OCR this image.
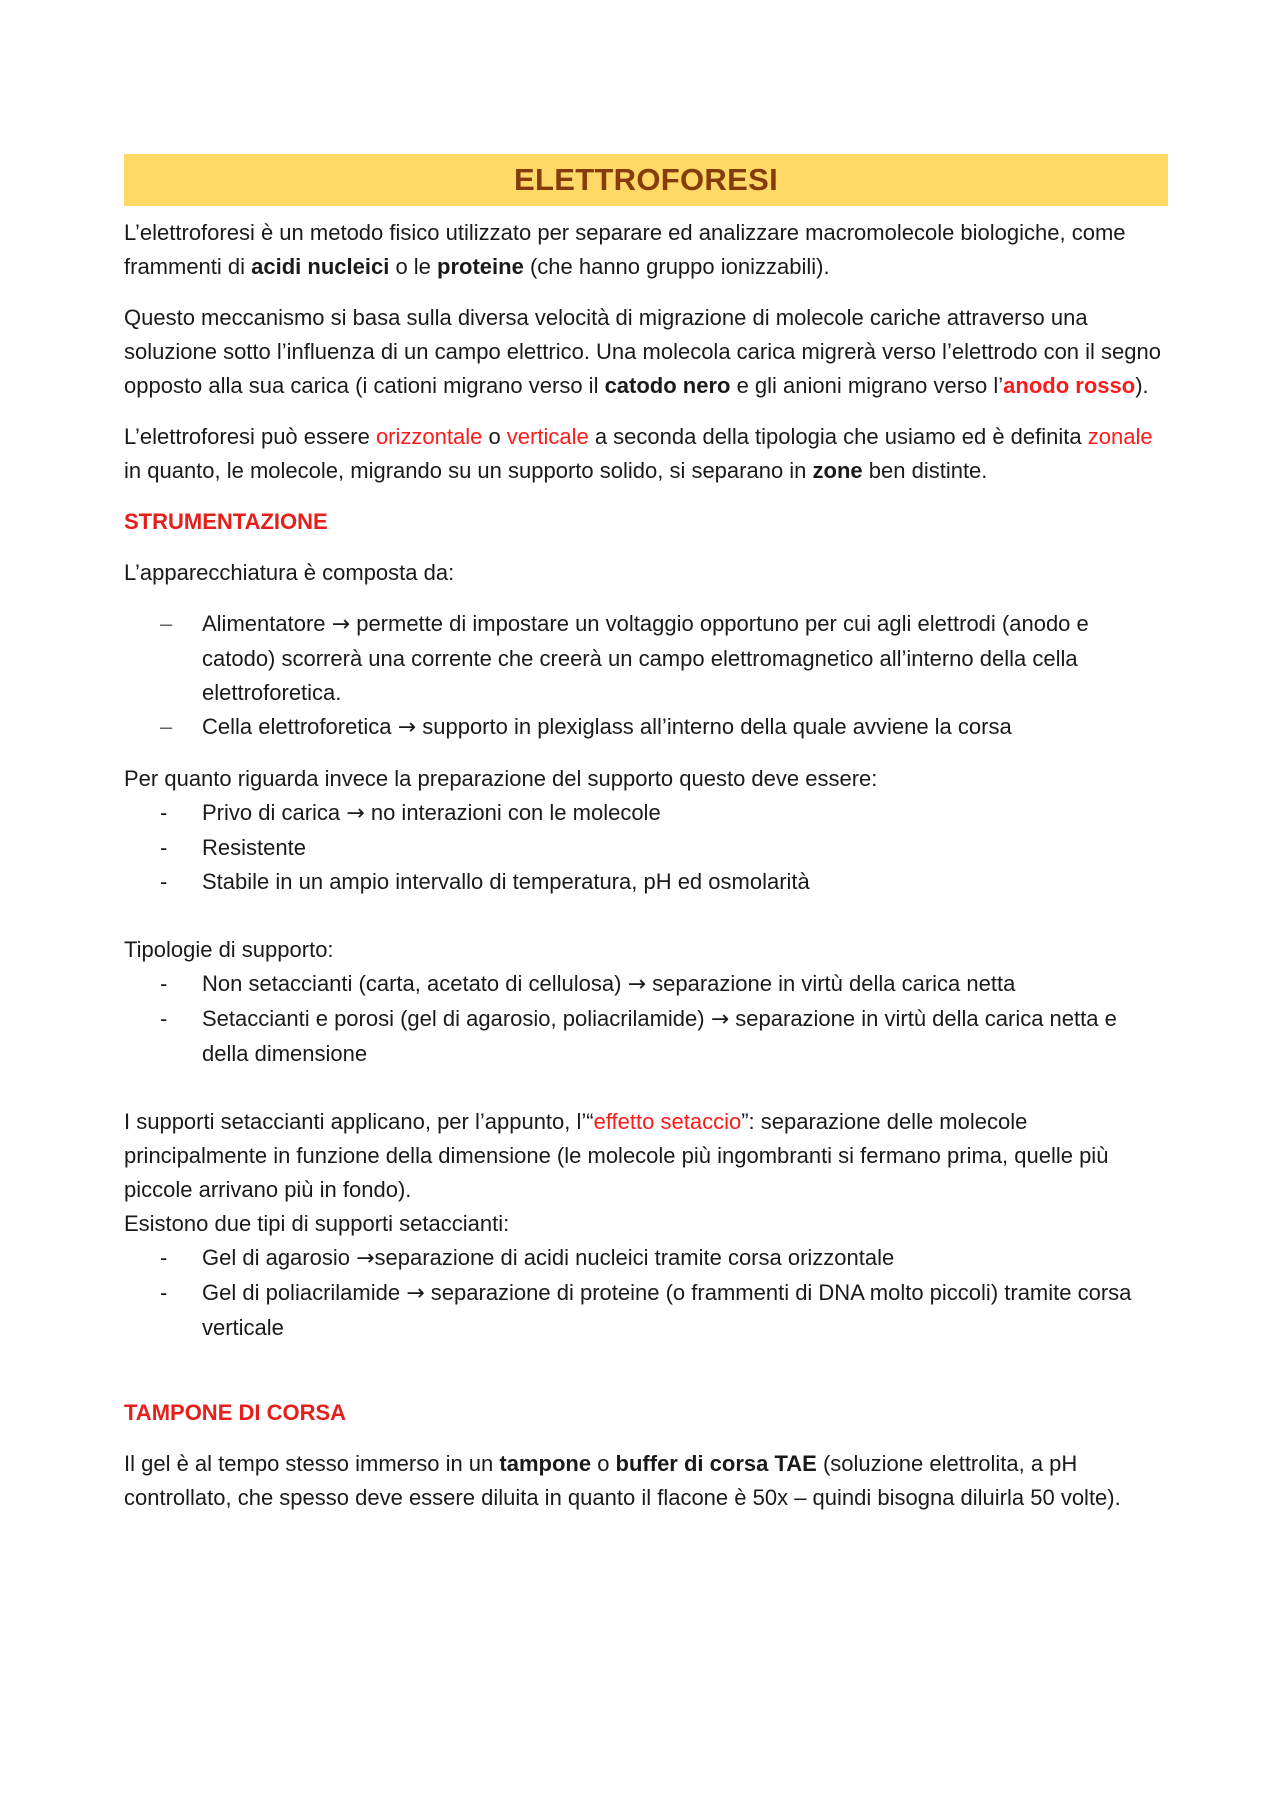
ELETTROFORESI

L’elettroforesi è un metodo fisico utilizzato per separare ed analizzare macromolecole biologiche, come frammenti di acidi nucleici o le proteine (che hanno gruppo ionizzabili).

Questo meccanismo si basa sulla diversa velocità di migrazione di molecole cariche attraverso una soluzione sotto l’influenza di un campo elettrico. Una molecola carica migrerà verso l’elettrodo con il segno opposto alla sua carica (i cationi migrano verso il catodo nero e gli anioni migrano verso l’anodo rosso).

L’elettroforesi può essere orizzontale o verticale a seconda della tipologia che usiamo ed è definita zonale in quanto, le molecole, migrando su un supporto solido, si separano in zone ben distinte.

STRUMENTAZIONE

L’apparecchiatura è composta da:

–	Alimentatore → permette di impostare un voltaggio opportuno per cui agli elettrodi (anodo e catodo) scorrerà una corrente che creerà un campo elettromagnetico all’interno della cella elettroforetica.
–	Cella elettroforetica → supporto in plexiglass all’interno della quale avviene la corsa

Per quanto riguarda invece la preparazione del supporto questo deve essere:

-	Privo di carica → no interazioni con le molecole
-	Resistente
-	Stabile in un ampio intervallo di temperatura, pH ed osmolarità

Tipologie di supporto:

-	Non setaccianti (carta, acetato di cellulosa) → separazione in virtù della carica netta
-	Setaccianti e porosi (gel di agarosio, poliacrilamide) → separazione in virtù della carica netta e della dimensione

I supporti setaccianti applicano, per l’appunto, l’“effetto setaccio”: separazione delle molecole principalmente in funzione della dimensione (le molecole più ingombranti si fermano prima, quelle più piccole arrivano più in fondo).

Esistono due tipi di supporti setaccianti:

-	Gel di agarosio →separazione di acidi nucleici tramite corsa orizzontale
-	Gel di poliacrilamide → separazione di proteine (o frammenti di DNA molto piccoli) tramite corsa verticale
TAMPONE DI CORSA

Il gel è al tempo stesso immerso in un tampone o buffer di corsa TAE (soluzione elettrolita, a pH controllato, che spesso deve essere diluita in quanto il flacone è 50x – quindi bisogna diluirla 50 volte).
